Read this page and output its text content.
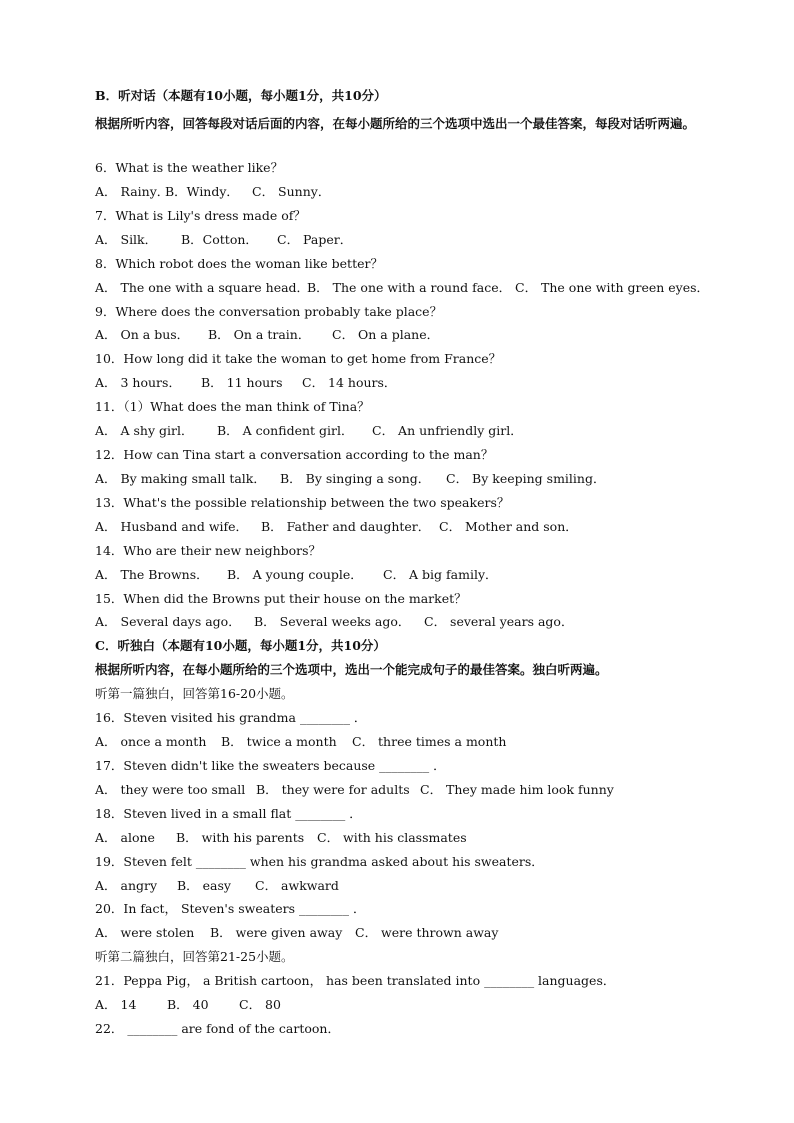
B．听对话（本题有10小题，每小题1分，共10分）
根据所听内容，回答每段对话后面的内容，在每小题所给的三个选项中选出一个最佳答案，每段对话听两遍。
6．What is the weather like？
A． Rainy．B．Windy． C． Sunny．
7．What is Lily's dress made of？
A． Silk． B．Cotton． C． Paper．
8．Which robot does the woman like better？
A． The one with a square head．B． The one with a round face． C． The one with green eyes．
9．Where does the conversation probably take place？
A． On a bus． B． On a train． C． On a plane．
10．How long did it take the woman to get home from France？
A． 3 hours． B． 11 hours C． 14 hours．
11．（1）What does the man think of Tina？
A． A shy girl． B． A confident girl． C． An unfriendly girl．
12．How can Tina start a conversation according to the man？
A． By making small talk． B． By singing a song． C． By keeping smiling．
13．What's the possible relationship between the two speakers？
A． Husband and wife． B． Father and daughter． C． Mother and son．
14．Who are their new neighbors？
A． The Browns． B． A young couple． C． A big family．
15．When did the Browns put their house on the market？
A． Several days ago． B． Several weeks ago． C． several years ago．
C．听独白（本题有10小题，每小题1分，共10分）
根据所听内容，在每小题所给的三个选项中，选出一个能完成句子的最佳答案。独白听两遍。
听第一篇独白，回答第16-20小题。
16．Steven visited his grandma ________ ．
A． once a month B． twice a month C． three times a month
17．Steven didn't like the sweaters because ________ ．
A． they were too small B． they were for adults C． They made him look funny
18．Steven lived in a small flat ________ ．
A． alone B． with his parents C． with his classmates
19．Steven felt ________ when his grandma asked about his sweaters．
A． angry B． easy C． awkward
20．In fact， Steven's sweaters ________ ．
A． were stolen B． were given away C． were thrown away
听第二篇独白，回答第21-25小题。
21．Peppa Pig， a British cartoon， has been translated into ________ languages．
A． 14 B． 40 C． 80
22． ________ are fond of the cartoon．
